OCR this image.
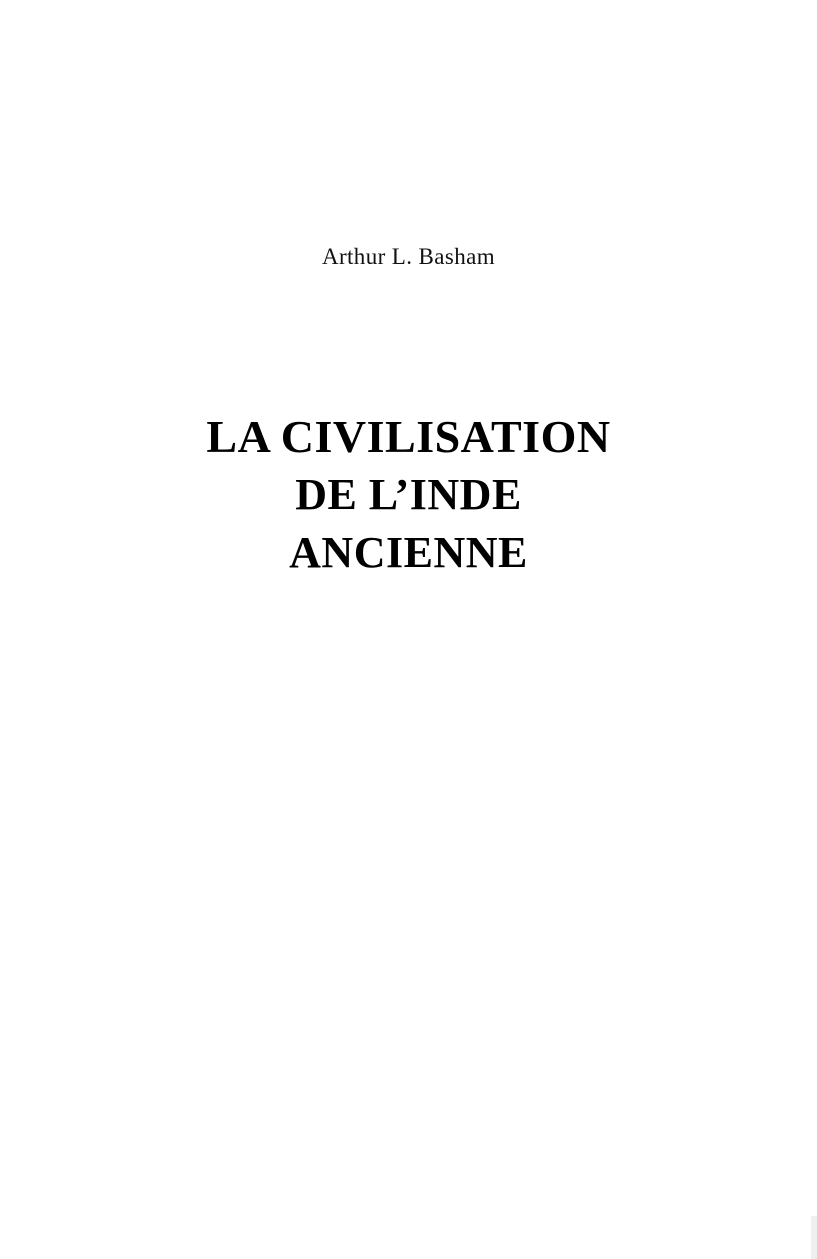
Arthur L. Basham
LA CIVILISATION
DE L’INDE
ANCIENNE
